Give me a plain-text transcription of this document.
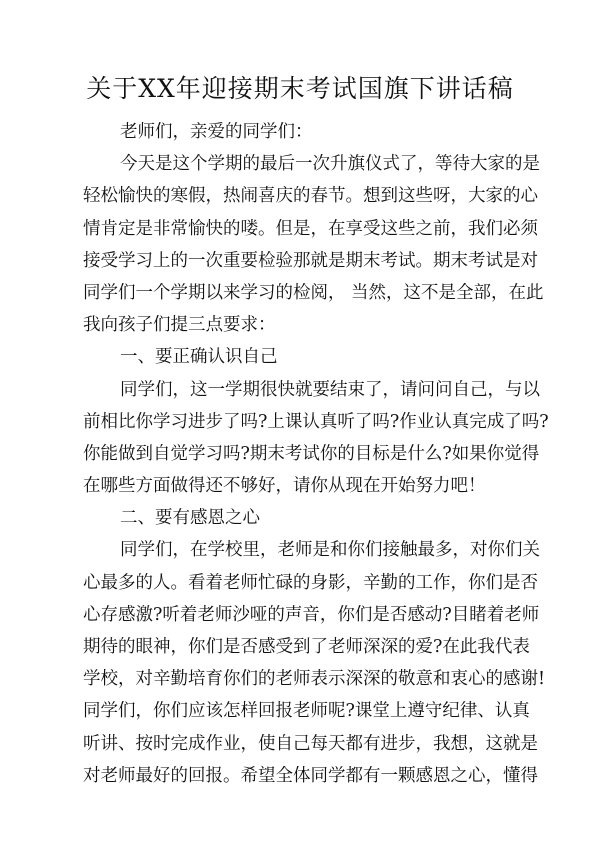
关于XX年迎接期末考试国旗下讲话稿
老师们，亲爱的同学们：
今天是这个学期的最后一次升旗仪式了，等待大家的是
轻松愉快的寒假，热闹喜庆的春节。想到这些呀，大家的心
情肯定是非常愉快的喽。但是，在享受这些之前，我们必须
接受学习上的一次重要检验那就是期末考试。期末考试是对
同学们一个学期以来学习的检阅， 当然，这不是全部，在此
我向孩子们提三点要求：
一、要正确认识自己
同学们，这一学期很快就要结束了，请问问自己，与以
前相比你学习进步了吗?上课认真听了吗?作业认真完成了吗?
你能做到自觉学习吗?期末考试你的目标是什么?如果你觉得
在哪些方面做得还不够好，请你从现在开始努力吧！
二、要有感恩之心
同学们，在学校里，老师是和你们接触最多，对你们关
心最多的人。看着老师忙碌的身影，辛勤的工作，你们是否
心存感激?听着老师沙哑的声音，你们是否感动?目睹着老师
期待的眼神，你们是否感受到了老师深深的爱?在此我代表
学校，对辛勤培育你们的老师表示深深的敬意和衷心的感谢!
同学们，你们应该怎样回报老师呢?课堂上遵守纪律、认真
听讲、按时完成作业，使自己每天都有进步，我想，这就是
对老师最好的回报。希望全体同学都有一颗感恩之心，懂得
